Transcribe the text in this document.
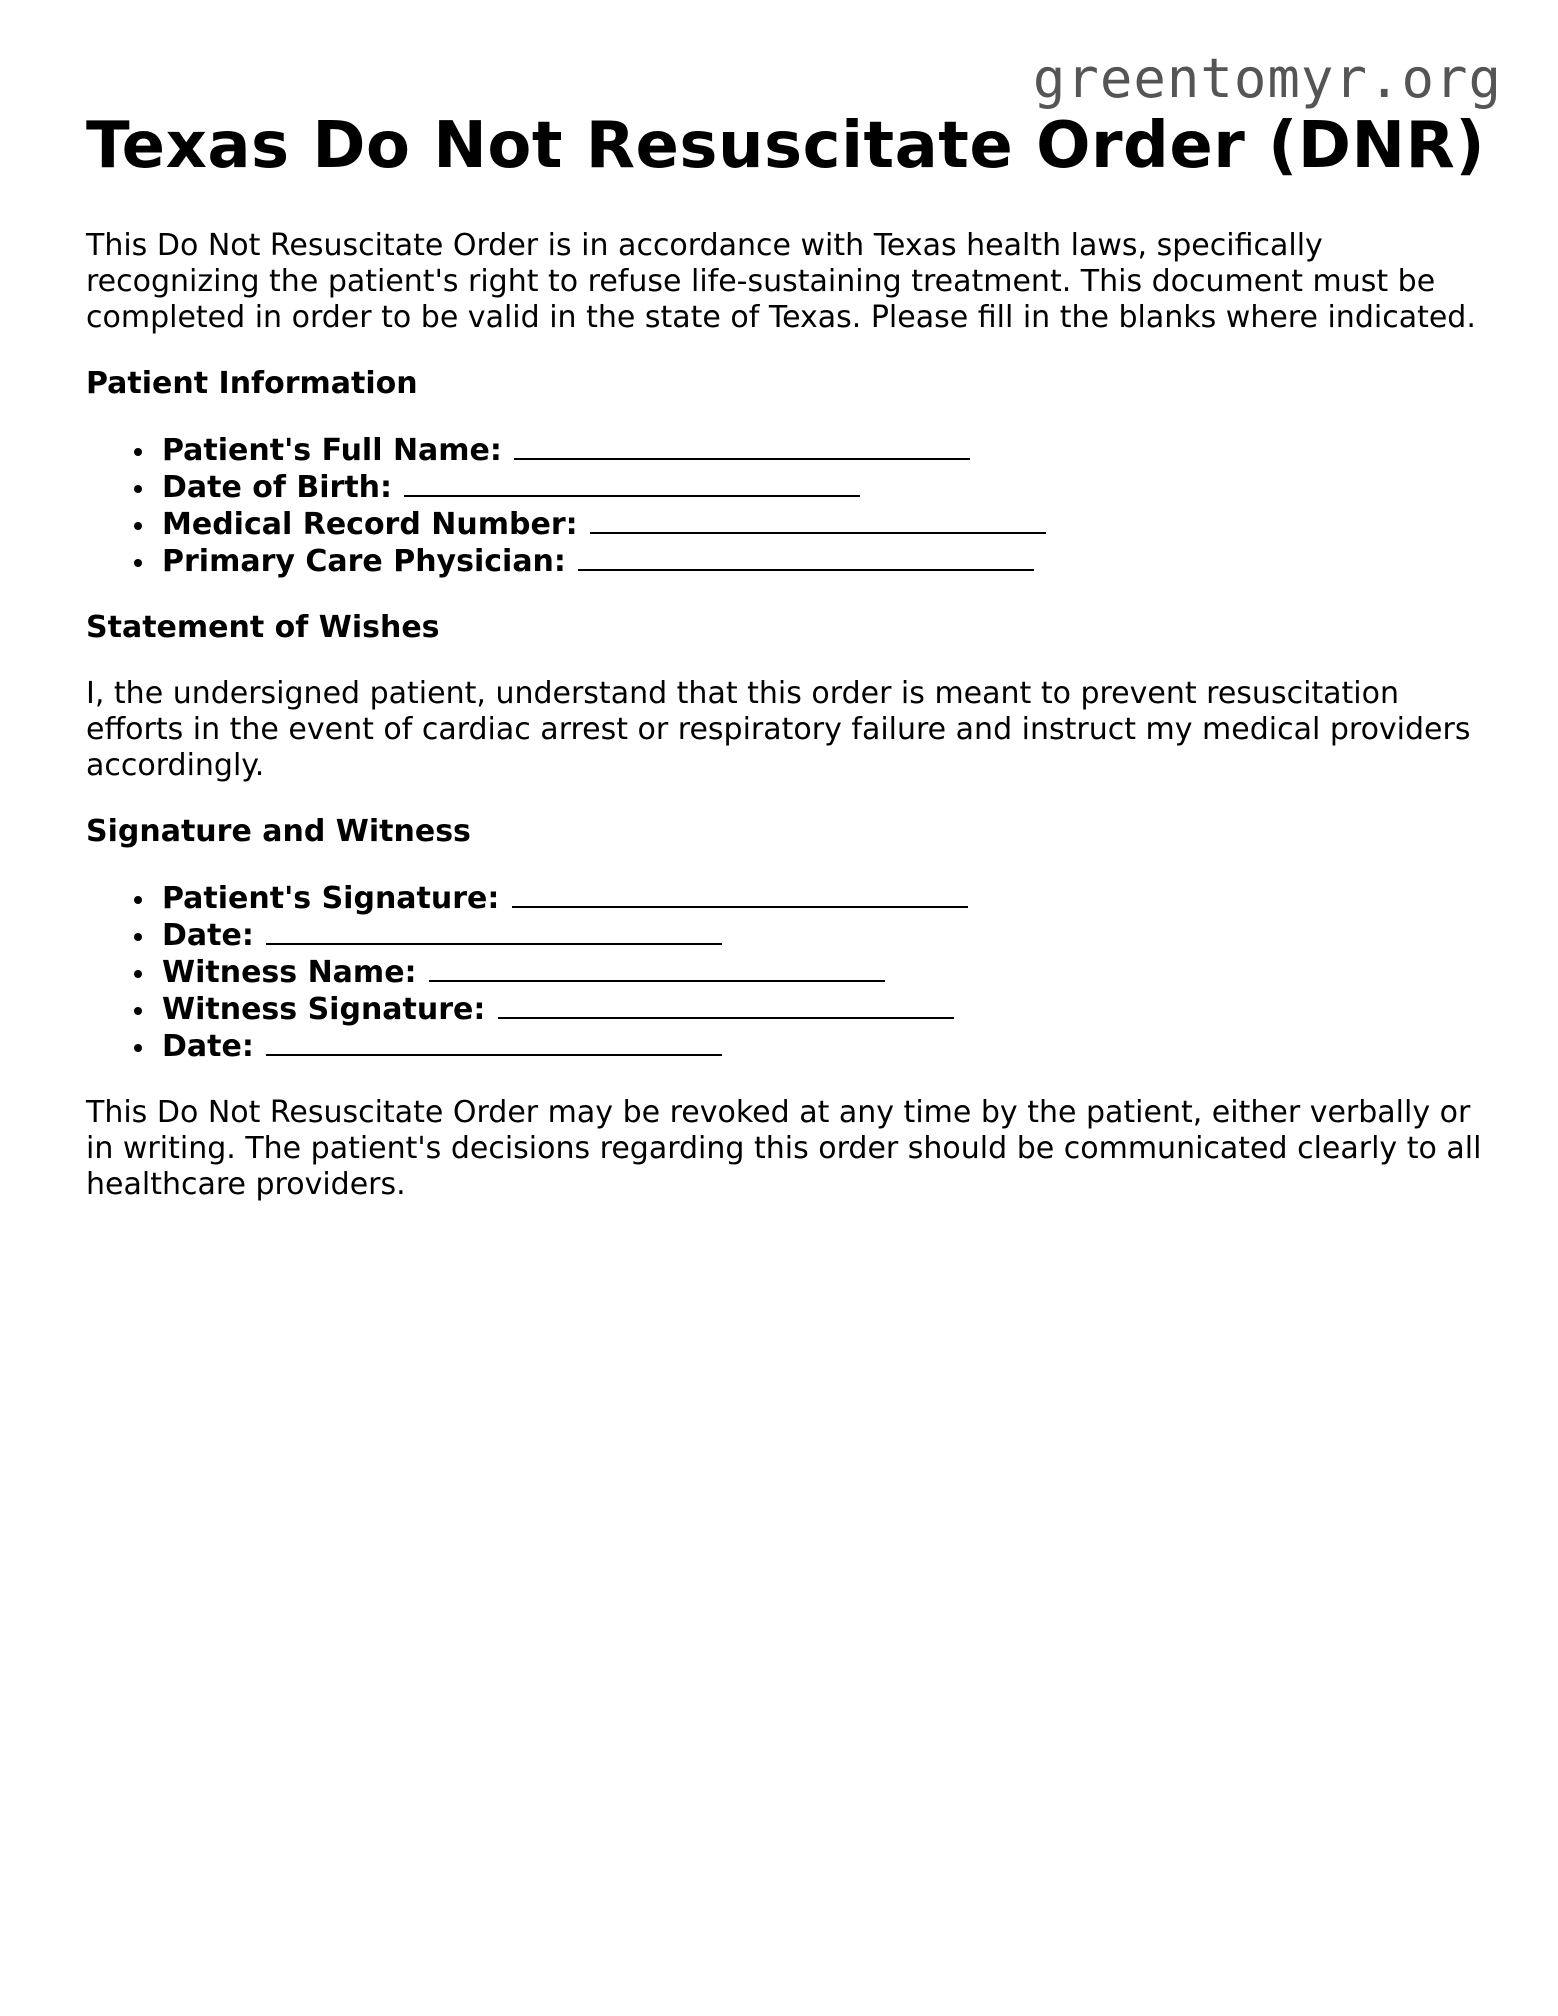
greentomyr.org
Texas Do Not Resuscitate Order (DNR)

This Do Not Resuscitate Order is in accordance with Texas health laws, specifically recognizing the patient's right to refuse life-sustaining treatment. This document must be completed in order to be valid in the state of Texas. Please fill in the blanks where indicated.

Patient Information
Patient's Full Name:
Date of Birth:
Medical Record Number:
Primary Care Physician:
Statement of Wishes

I, the undersigned patient, understand that this order is meant to prevent resuscitation efforts in the event of cardiac arrest or respiratory failure and instruct my medical providers accordingly.

Signature and Witness
Patient's Signature:
Date:
Witness Name:
Witness Signature:
Date:

This Do Not Resuscitate Order may be revoked at any time by the patient, either verbally or in writing. The patient's decisions regarding this order should be communicated clearly to all healthcare providers.
